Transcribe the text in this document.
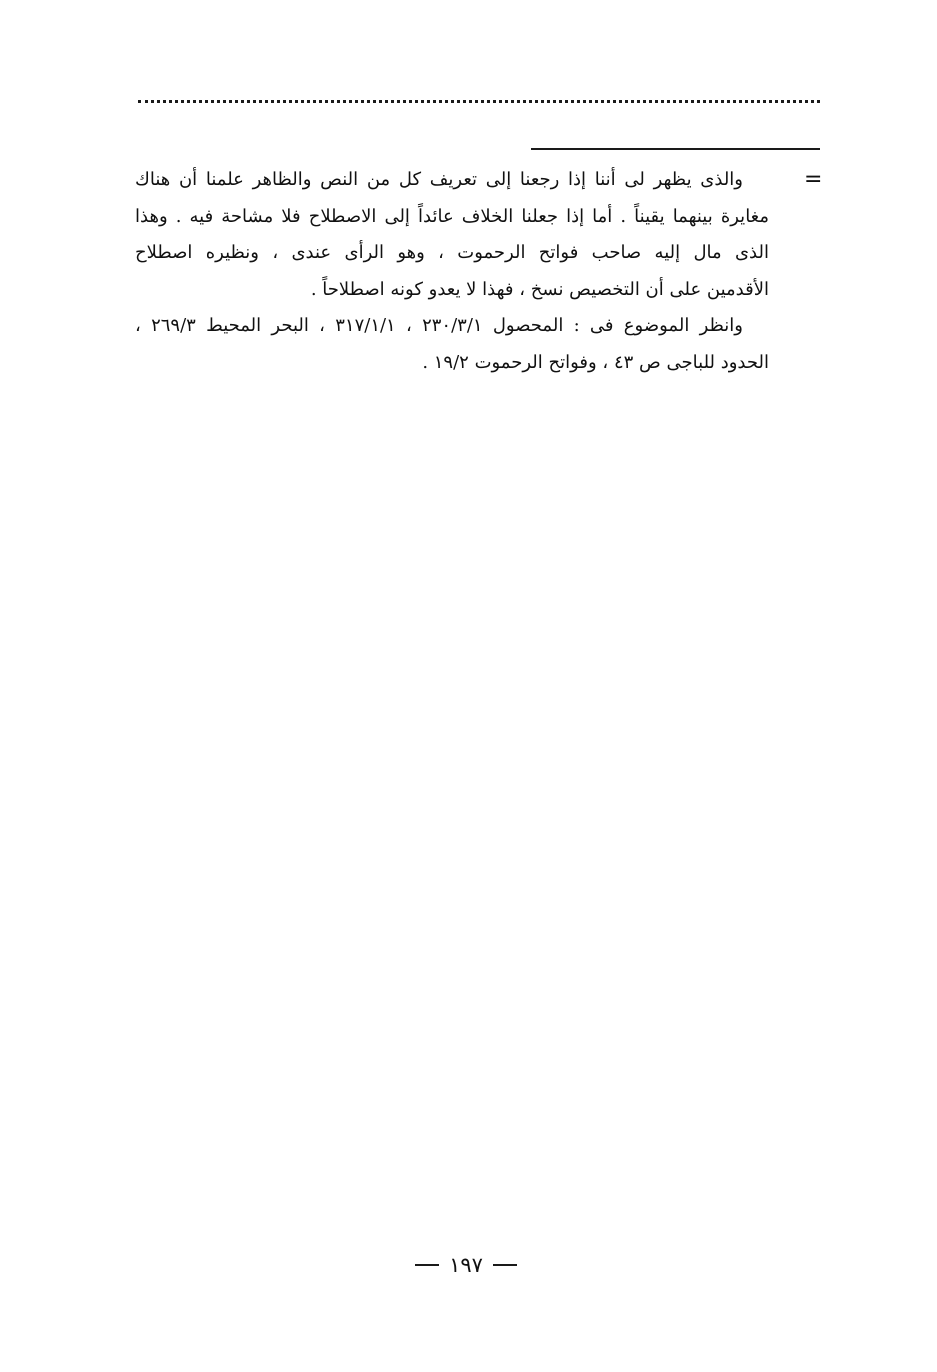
=
والذى يظهر لى أننا إذا رجعنا إلى تعريف كل من النص والظاهر علمنا أن هناك
مغايرة بينهما يقيناً . أما إذا جعلنا الخلاف عائداً إلى الاصطلاح فلا مشاحة فيه . وهذا
الذى مال إليه صاحب فواتح الرحموت ، وهو الرأى عندى ، ونظيره اصطلاح
الأقدمين على أن التخصيص نسخ ، فهذا لا يعدو كونه اصطلاحاً .
وانظر الموضوع فى : المحصول ٢٣٠/٣/١ ، ٣١٧/١/١ ، البحر المحيط ٢٦٩/٣ ،
الحدود للباجى ص ٤٣ ، وفواتح الرحموت ١٩/٢ .
١٩٧
